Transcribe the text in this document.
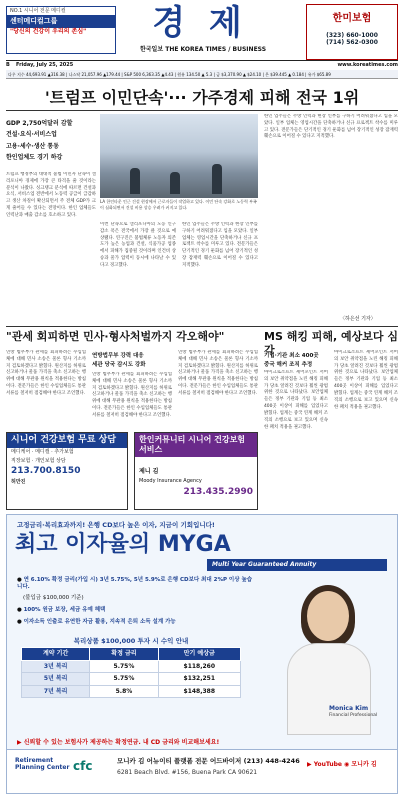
NO.1 시니어 전문 메디컬
센터메디컬그룹
"당신의 건강이 우리의 존심"	경 제
한국일보 THE KOREA TIMES / BUSINESS
한미보험
(323) 660-1000
(714) 562-0300
B Friday, July 25, 2025	www.koreatimes.com
다우 지수 44,693.91 ▲316.38 | 나스닥 21,057.96 ▲179.44 | S&P 500 6,363.35 ▲4.43 | 원유 134.50 ▲ 5.3 | 금 $3,370.90 ▲ $24.10 | 은 $39.445 ▲ 0.184 | 유가 $65.89
'트럼프 이민단속'··· 가주경제 피해 전국 1위
GDP 2,750억달러 감할
건설·요식·서비스업
고용·세수·생산 통동
한인업체도 경기 하강
트럼프 행정부의 대대적 불법 이민자 단속이 캘리포니아 경제에 가장 큰 타격을 줄 것이라는 분석이 나왔다. 싱크탱크 분석에 따르면 건설과 요식, 서비스업 전반에서 노동력 공급이 급감하고 생산 차질이 확산되면서 주 전체 GDP가 크게 줄어들 수 있다는 전망이다. 한인 업체들도 인력난과 매출 감소를 호소하고 있다.
LA 한인타운 인근 건설 현장에서 근로자들이 작업하고 있다. 이민 단속 강화로 노동력 부족이 심화되면서 건설 비용 상승 우려가 커지고 있다.
이번 단속으로 캘리포니아의 노동 인구 감소 폭은 전국에서 가장 클 것으로 예상됐다. 연구진은 불법체류 노동자 의존도가 높은 농업과 건설, 식품가공 업종에서 피해가 집중될 것이라며 인건비 상승과 물가 압력이 동시에 나타날 수 있다고 경고했다.
한인 업주들은 주방 인력과 현장 인부를 구하기 어려워졌다고 입을 모았다. 일부 업체는 영업시간을 단축하거나 신규 프로젝트 착수를 미루고 있다. 전문가들은 단기적인 경기 둔화를 넘어 장기적인 성장 잠재력 훼손으로 이어질 수 있다고 지적했다.
한인 업주들은 주방 인력과 현장 인부를 구하기 어려워졌다고 입을 모았다. 일부 업체는 영업시간을 단축하거나 신규 프로젝트 착수를 미루고 있다. 전문가들은 단기적인 경기 둔화를 넘어 장기적인 성장 잠재력 훼손으로 이어질 수 있다고 지적했다.
〈하은선 기자〉
"관세 회피하면 민사·형사처벌까지 각오해야"
연방 법무부가 관세를 회피하려는 수입업체에 대해 민사 소송은 물론 형사 기소까지 검토하겠다고 밝혔다. 원산지를 허위로 신고하거나 물품 가격을 축소 신고하는 행위에 대해 무관용 원칙을 적용한다는 방침이다. 전문가들은 한인 수입업체들도 통관 서류를 철저히 점검해야 한다고 조언했다.
연방법무부 강력 대응
세관 당국 감시도 강화
연방 법무부가 관세를 회피하려는 수입업체에 대해 민사 소송은 물론 형사 기소까지 검토하겠다고 밝혔다. 원산지를 허위로 신고하거나 물품 가격을 축소 신고하는 행위에 대해 무관용 원칙을 적용한다는 방침이다. 전문가들은 한인 수입업체들도 통관 서류를 철저히 점검해야 한다고 조언했다.
연방 법무부가 관세를 회피하려는 수입업체에 대해 민사 소송은 물론 형사 기소까지 검토하겠다고 밝혔다. 원산지를 허위로 신고하거나 물품 가격을 축소 신고하는 행위에 대해 무관용 원칙을 적용한다는 방침이다. 전문가들은 한인 수입업체들도 통관 서류를 철저히 점검해야 한다고 조언했다.
MS 해킹 피해, 예상보다 심각
기업·기관 최소 400곳
중국 해커 조직 추정
마이크로소프트 셰어포인트 서버의 보안 취약점을 노린 해킹 피해가 당초 알려진 것보다 훨씬 광범위한 것으로 나타났다. 보안업체들은 정부 기관과 기업 등 최소 400곳 이상이 피해를 입었다고 밝혔다. 업계는 중국 연계 해커 조직의 소행으로 보고 있으며 신속한 패치 적용을 권고했다.
마이크로소프트 셰어포인트 서버의 보안 취약점을 노린 해킹 피해가 당초 알려진 것보다 훨씬 광범위한 것으로 나타났다. 보안업체들은 정부 기관과 기업 등 최소 400곳 이상이 피해를 입었다고 밝혔다. 업계는 중국 연계 해커 조직의 소행으로 보고 있으며 신속한 패치 적용을 권고했다.
시니어 건강보험 무료 상담
메디케어 · 메디캘 · 추가보험
직장보험 · 개인보험 상담
213.700.8150
허만진
한인커뮤니티 시니어 건강보험 서비스
제니 김
Moody Insurance Agency
213.435.2990
고정금리·복리효과까지! 은행 CD보다 높은 이자, 지금이 기회입니다!
최고 이자율의 MYGA
Multi Year Guaranteed Annuity
● 연 6.10% 확정 금리(가입 시) 3년 5.75%, 5년 5.9%로 은행 CD보다 최대 2%P 이상 높습니다.
(불입금 $100,000 기준)
● 100% 원금 보장, 세금 유예 혜택
● 이자소득 인출로 유연한 자금 활용, 지속적 은퇴 소득 설계 가능
복리상품 $100,000 투자 시 수익 안내
계약 기간	확정 금리	만기 예상금
3년 복리	5.75%	$118,260
5년 복리	5.75%	$132,251
7년 복리	5.8%	$148,388
Monica Kim
Financial Professional
▶ 신뢰할 수 있는 보험사가 제공하는 확정연금. 내 CD 금리와 비교해보세요!
Retirement Planning Center cfc	모니카 김 어뉴이티 플랫폼 전문 어드바이저 (213) 448-4246
6281 Beach Blvd. #156, Buena Park CA 90621
▶ YouTube ◉ 모니카 김
